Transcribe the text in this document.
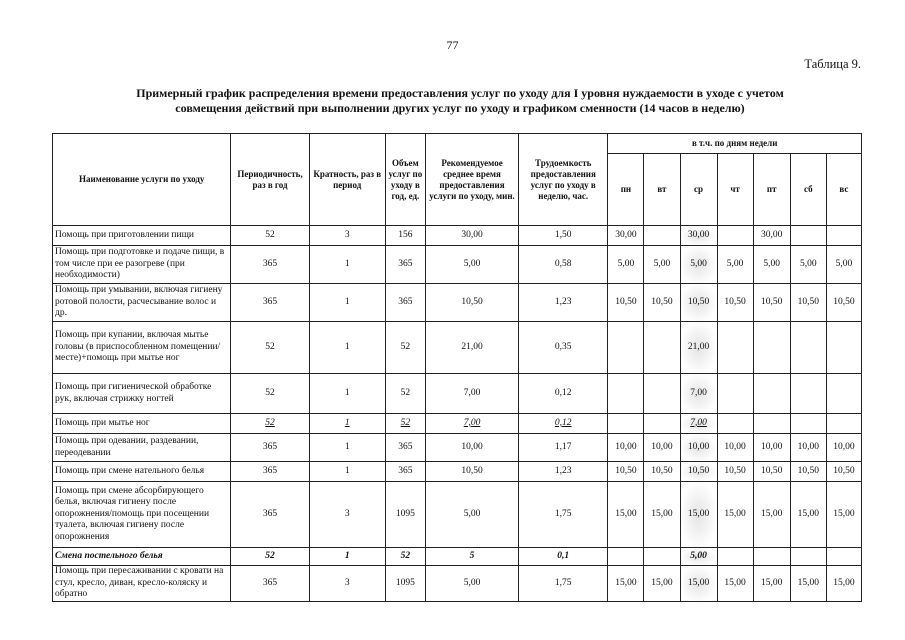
77
Таблица 9.
Примерный график распределения времени предоставления услуг по уходу для I уровня нуждаемости в уходе с учетом
совмещения действий при выполнении других услуг по уходу и графиком сменности (14 часов в неделю)
Наименование услуги по уходу	Периодичность, раз в год	Кратность, раз в период	Объем услуг по уходу в год, ед.	Рекомендуемое среднее время предоставления услуги по уходу, мин.	Трудоемкость предоставления услуг по уходу в неделю, час.	в т.ч. по дням недели						
						пн	вт	ср	чт	пт	сб	вс
Помощь при приготовлении пищи	52	3	156	30,00	1,50	30,00		30,00		30,00		
Помощь при подготовке и подаче пищи, в том числе при ее разогреве (при необходимости)	365	1	365	5,00	0,58	5,00	5,00	5,00	5,00	5,00	5,00	5,00
Помощь при умывании, включая гигиену ротовой полости, расчесывание волос и др.	365	1	365	10,50	1,23	10,50	10,50	10,50	10,50	10,50	10,50	10,50
Помощь при купании, включая мытье головы (в приспособленном помещении/месте)+помощь при мытье ног	52	1	52	21,00	0,35			21,00				
Помощь при гигиенической обработке рук, включая стрижку ногтей	52	1	52	7,00	0,12			7,00				
Помощь при мытье ног	52	1	52	7,00	0,12			7,00				
Помощь при одевании, раздевании, переодевании	365	1	365	10,00	1,17	10,00	10,00	10,00	10,00	10,00	10,00	10,00
Помощь при смене нательного белья	365	1	365	10,50	1,23	10,50	10,50	10,50	10,50	10,50	10,50	10,50
Помощь при смене абсорбирующего белья, включая гигиену после опорожнения/помощь при посещении туалета, включая гигиену после опорожнения	365	3	1095	5,00	1,75	15,00	15,00	15,00	15,00	15,00	15,00	15,00
Смена постельного белья	52	1	52	5	0,1			5,00				
Помощь при пересаживании с кровати на стул, кресло, диван, кресло-коляску и обратно	365	3	1095	5,00	1,75	15,00	15,00	15,00	15,00	15,00	15,00	15,00
